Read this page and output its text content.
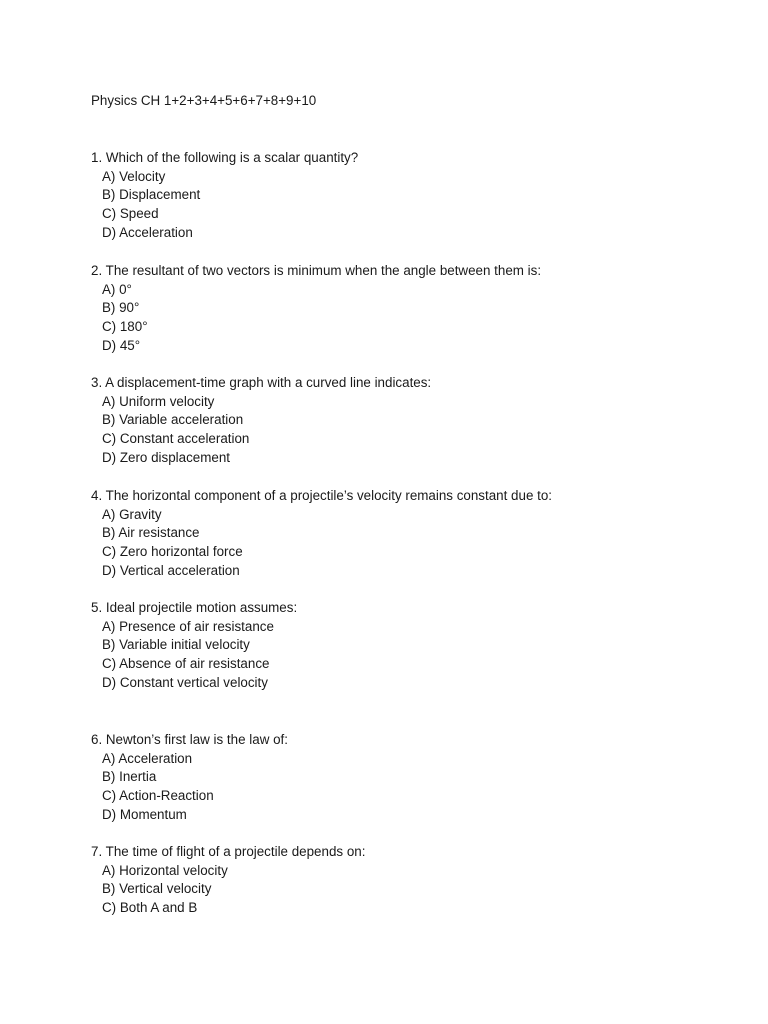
Physics CH 1+2+3+4+5+6+7+8+9+10
1. Which of the following is a scalar quantity?
A) Velocity
B) Displacement
C) Speed
D) Acceleration
2. The resultant of two vectors is minimum when the angle between them is:
A) 0°
B) 90°
C) 180°
D) 45°
3. A displacement-time graph with a curved line indicates:
A) Uniform velocity
B) Variable acceleration
C) Constant acceleration
D) Zero displacement
4. The horizontal component of a projectile’s velocity remains constant due to:
A) Gravity
B) Air resistance
C) Zero horizontal force
D) Vertical acceleration
5. Ideal projectile motion assumes:
A) Presence of air resistance
B) Variable initial velocity
C) Absence of air resistance
D) Constant vertical velocity
6. Newton’s first law is the law of:
A) Acceleration
B) Inertia
C) Action-Reaction
D) Momentum
7. The time of flight of a projectile depends on:
A) Horizontal velocity
B) Vertical velocity
C) Both A and B
